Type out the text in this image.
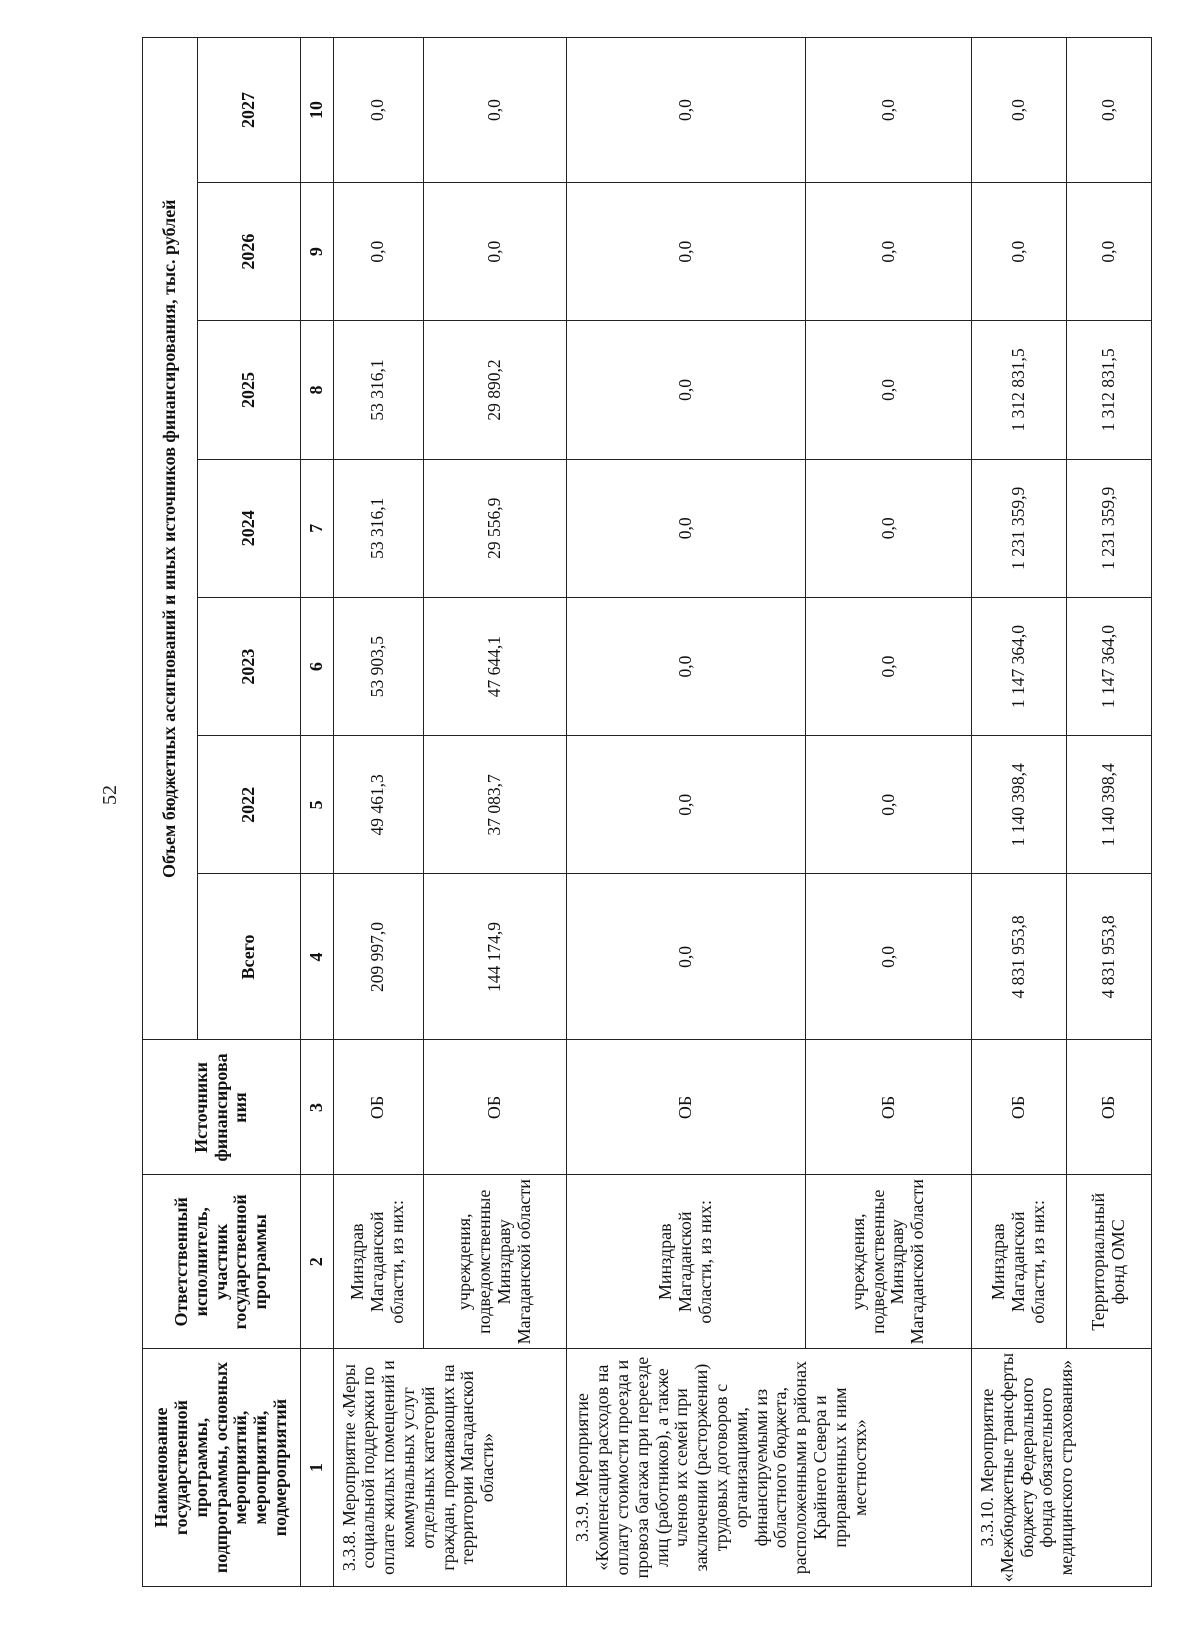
52
Наименование государственной программы, подпрограммы, основных мероприятий, мероприятий, подмероприятий	Ответственный исполнитель, участник государственной программы	Источники финансирова ния	Объем бюджетных ассигнований и иных источников финансирования, тыс. рублей						
			Всего	2022	2023	2024	2025	2026	2027
1	2	3	4	5	6	7	8	9	10
3.3.8. Мероприятие «Меры социальной поддержки по оплате жилых помещений и коммунальных услуг отдельных категорий граждан, проживающих на территории Магаданской области»	Минздрав Магаданской области, из них:	ОБ	209 997,0	49 461,3	53 903,5	53 316,1	53 316,1	0,0	0,0
	учреждения, подведомственные Минздраву Магаданской области	ОБ	144 174,9	37 083,7	47 644,1	29 556,9	29 890,2	0,0	0,0
3.3.9. Мероприятие «Компенсация расходов на оплату стоимости проезда и провоза багажа при переезде лиц (работников), а также членов их семей при заключении (расторжении) трудовых договоров с организациями, финансируемыми из областного бюджета, расположенными в районах Крайнего Севера и приравненных к ним местностях»	Минздрав Магаданской области, из них:	ОБ	0,0	0,0	0,0	0,0	0,0	0,0	0,0
	учреждения, подведомственные Минздраву Магаданской области	ОБ	0,0	0,0	0,0	0,0	0,0	0,0	0,0
3.3.10. Мероприятие «Межбюджетные трансферты бюджету Федерального фонда обязательного медицинского страхования»	Минздрав Магаданской области, из них:	ОБ	4 831 953,8	1 140 398,4	1 147 364,0	1 231 359,9	1 312 831,5	0,0	0,0
	Территориальный фонд ОМС	ОБ	4 831 953,8	1 140 398,4	1 147 364,0	1 231 359,9	1 312 831,5	0,0	0,0
